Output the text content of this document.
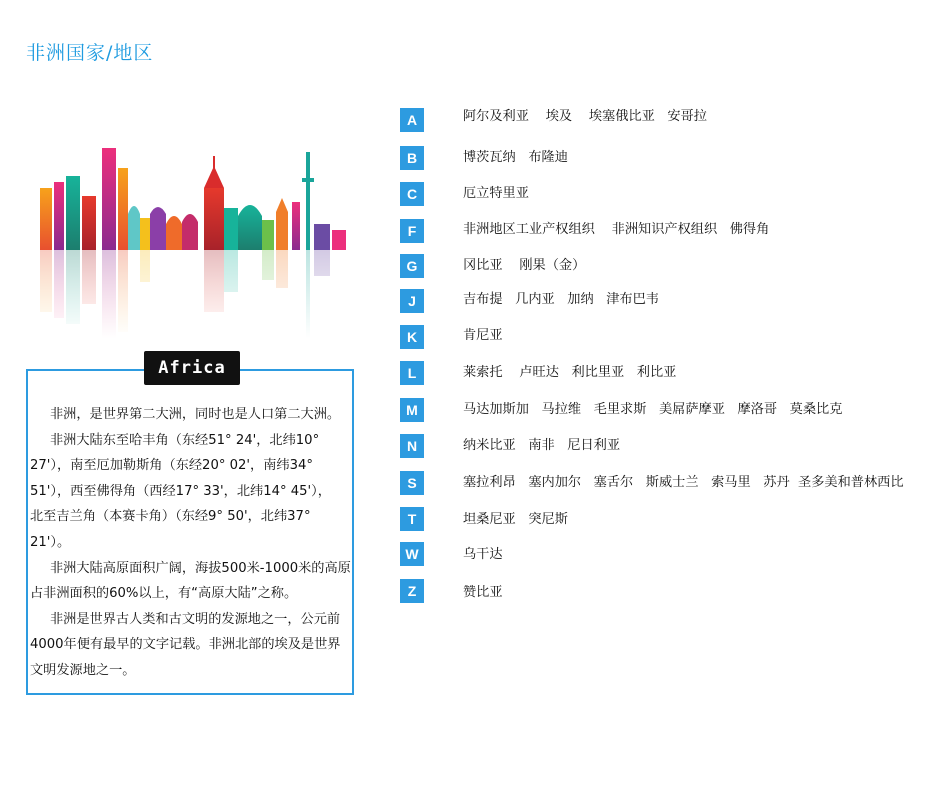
非洲国家/地区
Africa

非洲，是世界第二大洲，同时也是人口第二大洲。

非洲大陆东至哈丰角（东经51° 24'，北纬10°

27'），南至厄加勒斯角（东经20° 02'，南纬34°

51'），西至佛得角（西经17° 33'，北纬14° 45'），

北至吉兰角（本赛卡角）（东经9° 50'，北纬37°

21'）。

非洲大陆高原面积广阔，海拔500米-1000米的高原

占非洲面积的60%以上，有“高原大陆”之称。

非洲是世界古人类和古文明的发源地之一，公元前

4000年便有最早的文字记载。非洲北部的埃及是世界

文明发源地之一。

A	阿尔及利亚    埃及    埃塞俄比亚   安哥拉
B	博茨瓦纳   布隆迪
C	厄立特里亚
F	非洲地区工业产权组织    非洲知识产权组织   佛得角
G	冈比亚    刚果（金）
J	吉布提   几内亚   加纳   津布巴韦
K	肯尼亚
L	莱索托    卢旺达   利比里亚   利比亚
M	马达加斯加   马拉维   毛里求斯   美屌萨摩亚   摩洛哥   莫桑比克
N	纳米比亚   南非   尼日利亚
S	塞拉利昂   塞内加尔   塞舌尔   斯威士兰   索马里   苏丹  圣多美和普林西比
T	坦桑尼亚   突尼斯
W	乌干达
Z	赞比亚
